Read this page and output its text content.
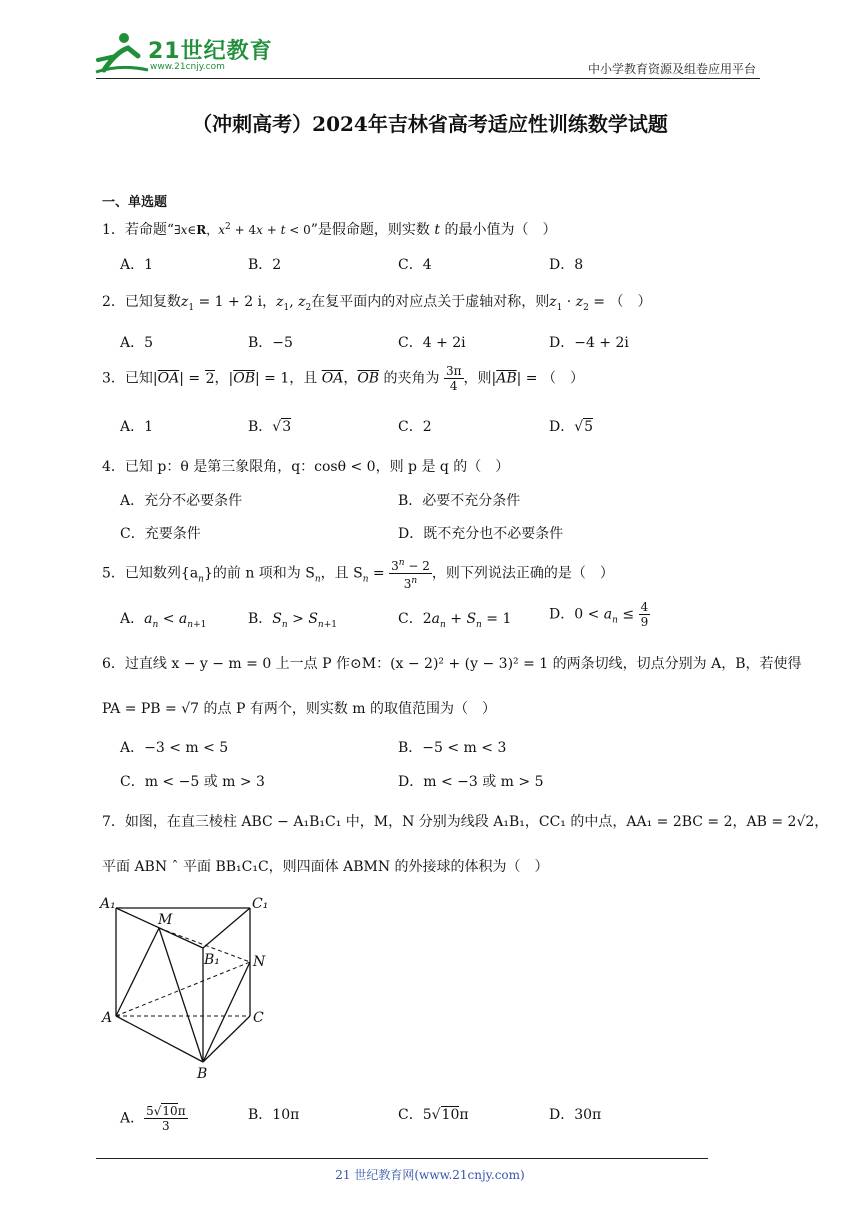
21世纪教育
www.21cnjy.com	中小学教育资源及组卷应用平台
（冲刺高考）2024年吉林省高考适应性训练数学试题
一、单选题
1．若命题“∃x∈R，$x^2 + 4x + t < 0$”是假命题，则实数 t 的最小值为（　）
A．1	B．2	C．4	D．8
2．已知复数$z_1 = 1 + 2$ i，$z_1$, $z_2$在复平面内的对应点关于虚轴对称，则$z_1 \cdot z_2$ = （　）
A．5	B．−5	C．4 + 2i	D．−4 + 2i
3．已知$|\overline{OA}| = 2$，$|\overline{OB}| = 1$，且 $\overline{OA}$，$\overline{OB}$ 的夹角为 $\frac{3\pi}{4}$ ，则$|\overline{AB}|$ = （　）
A．1	B．√3	C．2	D．√5
4．已知 p：θ 是第三象限角，q：cosθ < 0，则 p 是 q 的（　）
A．充分不必要条件	B．必要不充分条件
C．充要条件	D．既不充分也不必要条件
5．已知数列$\{a_n\}$的前 n 项和为 $S_n$，且 $S_n = \frac{3^n - 2}{3^n}$ ，则下列说法正确的是（　）
A．$a_n < a_{n+1}$	B．$S_n > S_{n+1}$	C．$2a_n + S_n = 1$	D．$0 < a_n \le \frac{4}{9}$
6．过直线 x − y − m = 0 上一点 P 作⊙M：(x − 2)² + (y − 3)² = 1 的两条切线，切点分别为 A，B，若使得
PA = PB = √7 的点 P 有两个，则实数 m 的取值范围为（　）
A．−3 < m < 5	B．−5 < m < 3
C．m < −5 或 m > 3	D．m < −3 或 m > 5
7．如图，在直三棱柱 ABC − A₁B₁C₁ 中，M，N 分别为线段 A₁B₁，CC₁ 的中点，AA₁ = 2BC = 2，AB = 2√2，
平面 ABN ˆ 平面 BB₁C₁C，则四面体 ABMN 的外接球的体积为（　）
A₁	C₁
M
B₁ N
A	C
B
A． $\frac{5√10\pi}{3}$	B．10π	C．5√10π	D．30π
21 世纪教育网(www.21cnjy.com)
